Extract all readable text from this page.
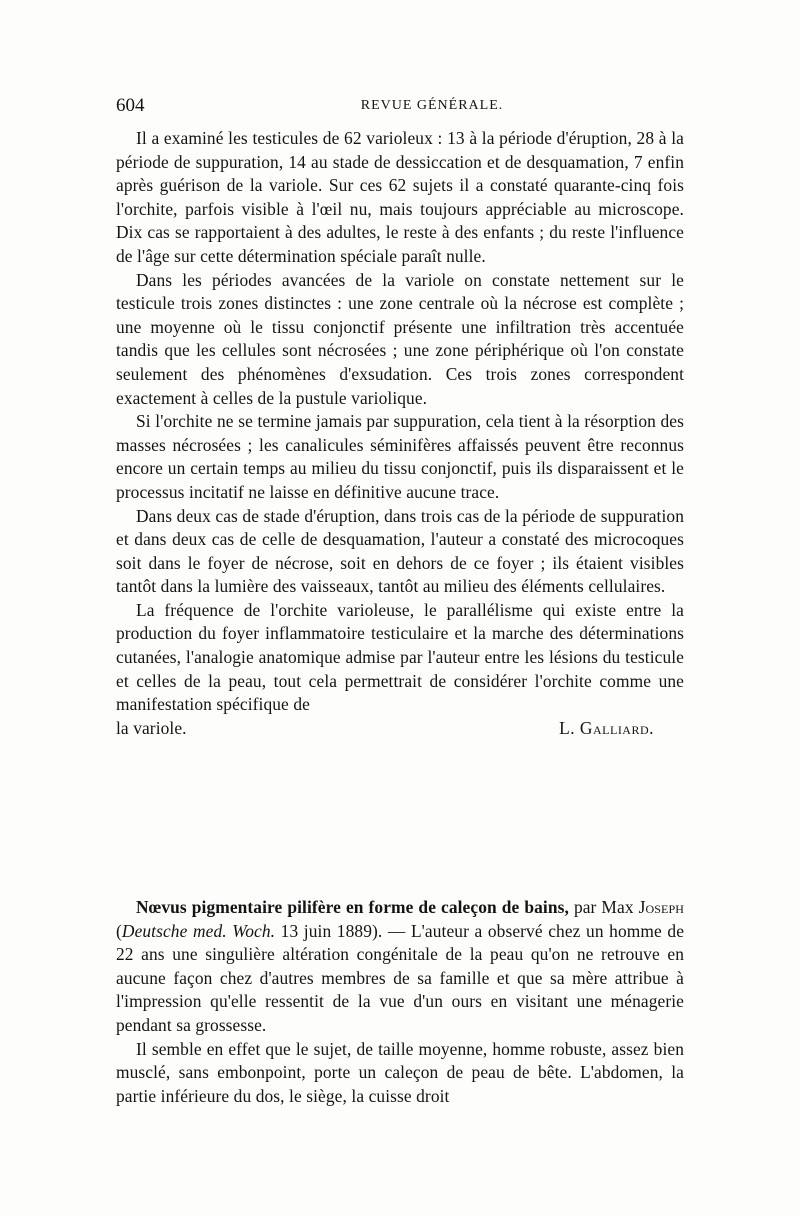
604	REVUE GÉNÉRALE.

Il a examiné les testicules de 62 varioleux : 13 à la période d'éruption, 28 à la période de suppuration, 14 au stade de dessiccation et de desquamation, 7 enfin après guérison de la variole. Sur ces 62 sujets il a constaté quarante-cinq fois l'orchite, parfois visible à l'œil nu, mais toujours appréciable au microscope. Dix cas se rapportaient à des adultes, le reste à des enfants ; du reste l'influence de l'âge sur cette détermination spéciale paraît nulle.

Dans les périodes avancées de la variole on constate nettement sur le testicule trois zones distinctes : une zone centrale où la nécrose est complète ; une moyenne où le tissu conjonctif présente une infiltration très accentuée tandis que les cellules sont nécrosées ; une zone périphérique où l'on constate seulement des phénomènes d'exsudation. Ces trois zones correspondent exactement à celles de la pustule variolique.

Si l'orchite ne se termine jamais par suppuration, cela tient à la résorption des masses nécrosées ; les canalicules séminifères affaissés peuvent être reconnus encore un certain temps au milieu du tissu conjonctif, puis ils disparaissent et le processus incitatif ne laisse en définitive aucune trace.

Dans deux cas de stade d'éruption, dans trois cas de la période de suppuration et dans deux cas de celle de desquamation, l'auteur a constaté des microcoques soit dans le foyer de nécrose, soit en dehors de ce foyer ; ils étaient visibles tantôt dans la lumière des vaisseaux, tantôt au milieu des éléments cellulaires.

La fréquence de l'orchite varioleuse, le parallélisme qui existe entre la production du foyer inflammatoire testiculaire et la marche des déterminations cutanées, l'analogie anatomique admise par l'auteur entre les lésions du testicule et celles de la peau, tout cela permettrait de considérer l'orchite comme une manifestation spécifique de

la variole.	L. Galliard.

Nœvus pigmentaire pilifère en forme de caleçon de bains, par Max Joseph (Deutsche med. Woch. 13 juin 1889). — L'auteur a observé chez un homme de 22 ans une singulière altération congénitale de la peau qu'on ne retrouve en aucune façon chez d'autres membres de sa famille et que sa mère attribue à l'impression qu'elle ressentit de la vue d'un ours en visitant une ménagerie pendant sa grossesse.

Il semble en effet que le sujet, de taille moyenne, homme robuste, assez bien musclé, sans embonpoint, porte un caleçon de peau de bête. L'abdomen, la partie inférieure du dos, le siège, la cuisse droit
